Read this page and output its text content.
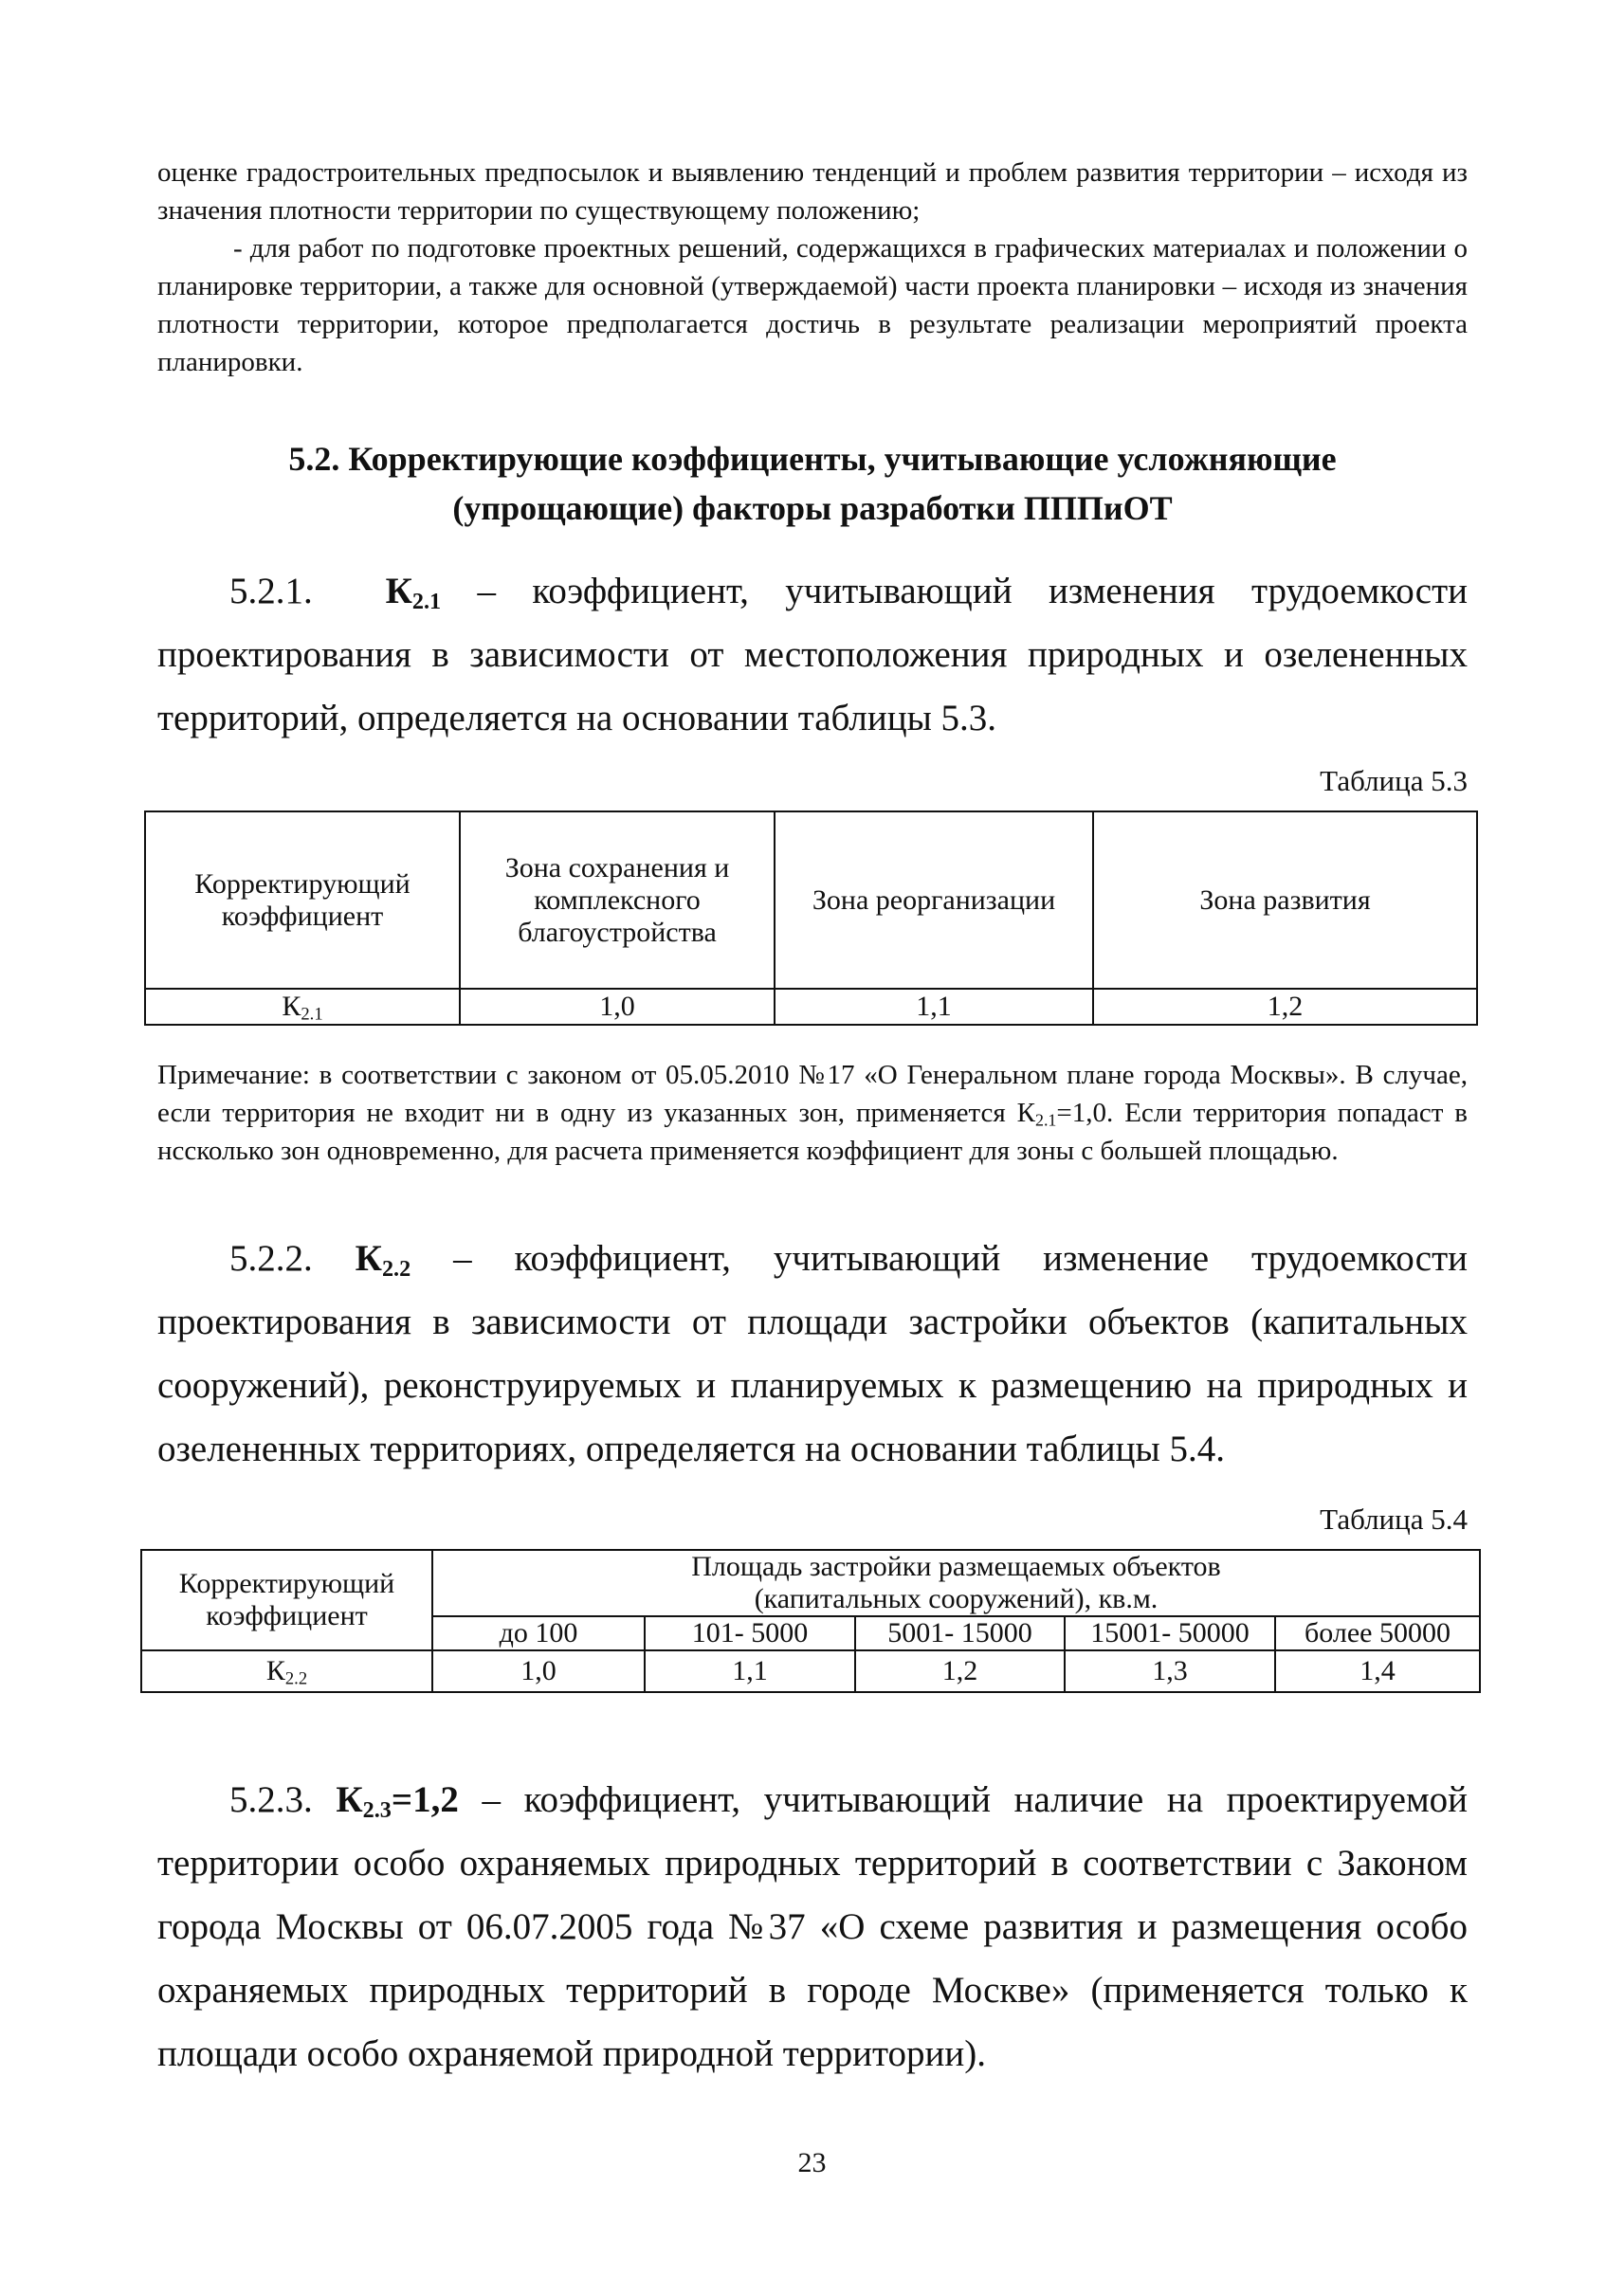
оценке градостроительных предпосылок и выявлению тенденций и проблем развития территории – исходя из значения плотности территории по существующему положению;

- для работ по подготовке проектных решений, содержащихся в графических материалах и положении о планировке территории, а также для основной (утверждаемой) части проекта планировки – исходя из значения плотности территории, которое предполагается достичь в результате реализации мероприятий проекта планировки.

5.2. Корректирующие коэффициенты, учитывающие усложняющие
(упрощающие) факторы разработки ПППиОТ

5.2.1. $К_{2.1}$ – коэффициент, учитывающий изменения трудоемкости проектирования в зависимости от местоположения природных и озелененных территорий, определяется на основании таблицы 5.3.

Таблица 5.3
Корректирующий коэффициент	Зона сохранения и комплексного благоустройства	Зона реорганизации	Зона развития
$К_{2.1}$	1,0	1,1	1,2

Примечание: в соответствии с законом от 05.05.2010 №17 «О Генеральном плане города Москвы». В случае, если территория не входит ни в одну из указанных зон, применяется $К_{2.1}=1,0$. Если территория попадаст в нссколько зон одновременно, для расчета применяется коэффициент для зоны с большей площадью.

5.2.2. $К_{2.2}$ – коэффициент, учитывающий изменение трудоемкости проектирования в зависимости от площади застройки объектов (капитальных сооружений), реконструируемых и планируемых к размещению на природных и озелененных территориях, определяется на основании таблицы 5.4.

Таблица 5.4
Корректирующий коэффициент	Площадь застройки размещаемых объектов
(капитальных сооружений), кв.м.				

	до 100	101- 5000	5001- 15000	15001- 50000	более 50000
$К_{2.2}$	1,0	1,1	1,2	1,3	1,4

5.2.3. $К_{2.3}=1,2$ – коэффициент, учитывающий наличие на проектируемой территории особо охраняемых природных территорий в соответствии с Законом города Москвы от 06.07.2005 года №37 «О схеме развития и размещения особо охраняемых природных территорий в городе Москве» (применяется только к площади особо охраняемой природной территории).

23
